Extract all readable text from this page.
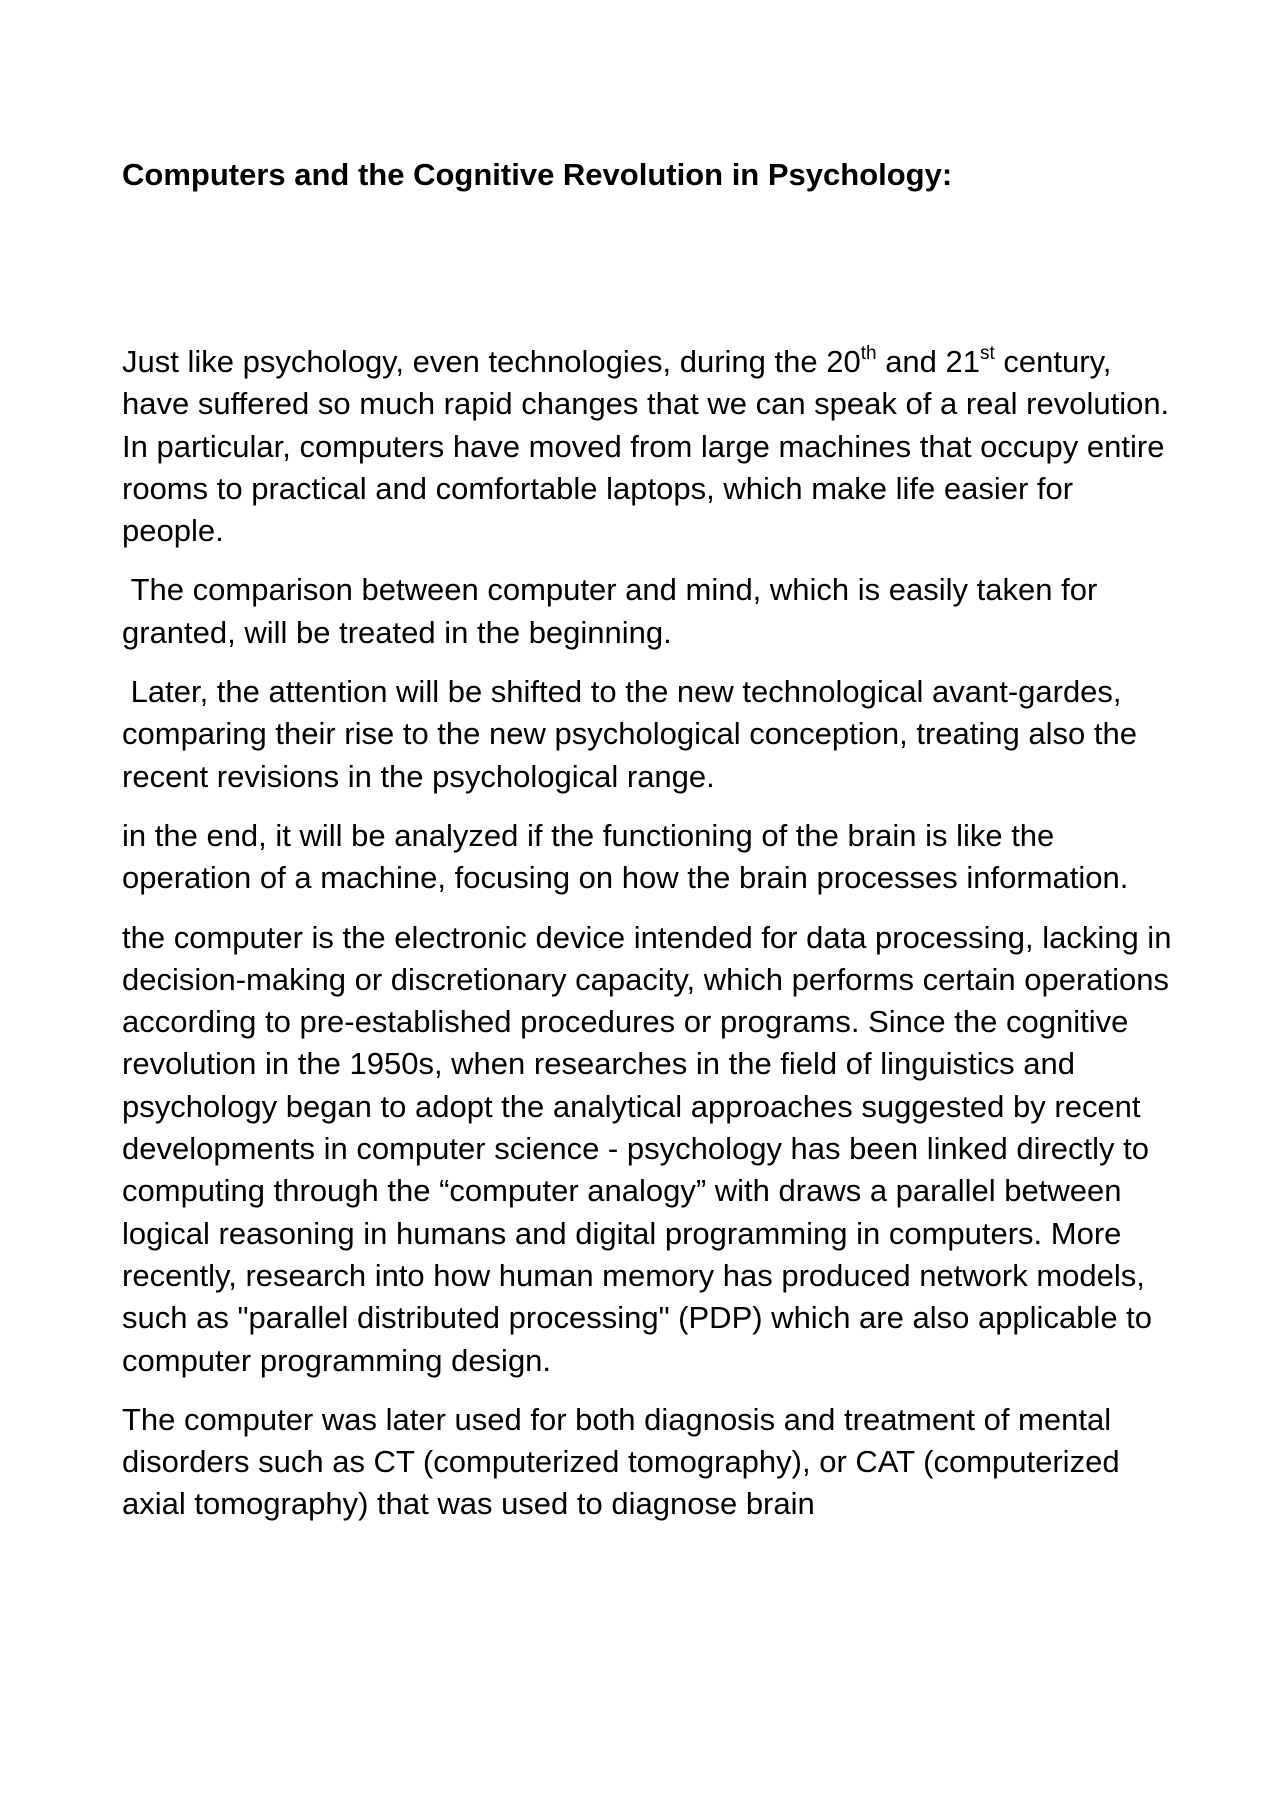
Computers and the Cognitive Revolution in Psychology:

Just like psychology, even technologies, during the 20th and 21st century, have suffered so much rapid changes that we can speak of a real revolution.

In particular, computers have moved from large machines that occupy entire rooms to practical and comfortable laptops, which make life easier for people.

The comparison between computer and mind, which is easily taken for granted, will be treated in the beginning.

Later, the attention will be shifted to the new technological avant-gardes, comparing their rise to the new psychological conception, treating also the recent revisions in the psychological range.

in the end, it will be analyzed if the functioning of the brain is like the operation of a machine, focusing on how the brain processes information.

the computer is the electronic device intended for data processing, lacking in decision-making or discretionary capacity, which performs certain operations according to pre-established procedures or programs. Since the cognitive revolution in the 1950s, when researches in the field of linguistics and psychology began to adopt the analytical approaches suggested by recent developments in computer science - psychology has been linked directly to computing through the “computer analogy” with draws a parallel between logical reasoning in humans and digital programming in computers. More recently, research into how human memory has produced network models, such as "parallel distributed processing" (PDP) which are also applicable to computer programming design.

The computer was later used for both diagnosis and treatment of mental disorders such as CT (computerized tomography), or CAT (computerized axial tomography) that was used to diagnose brain
